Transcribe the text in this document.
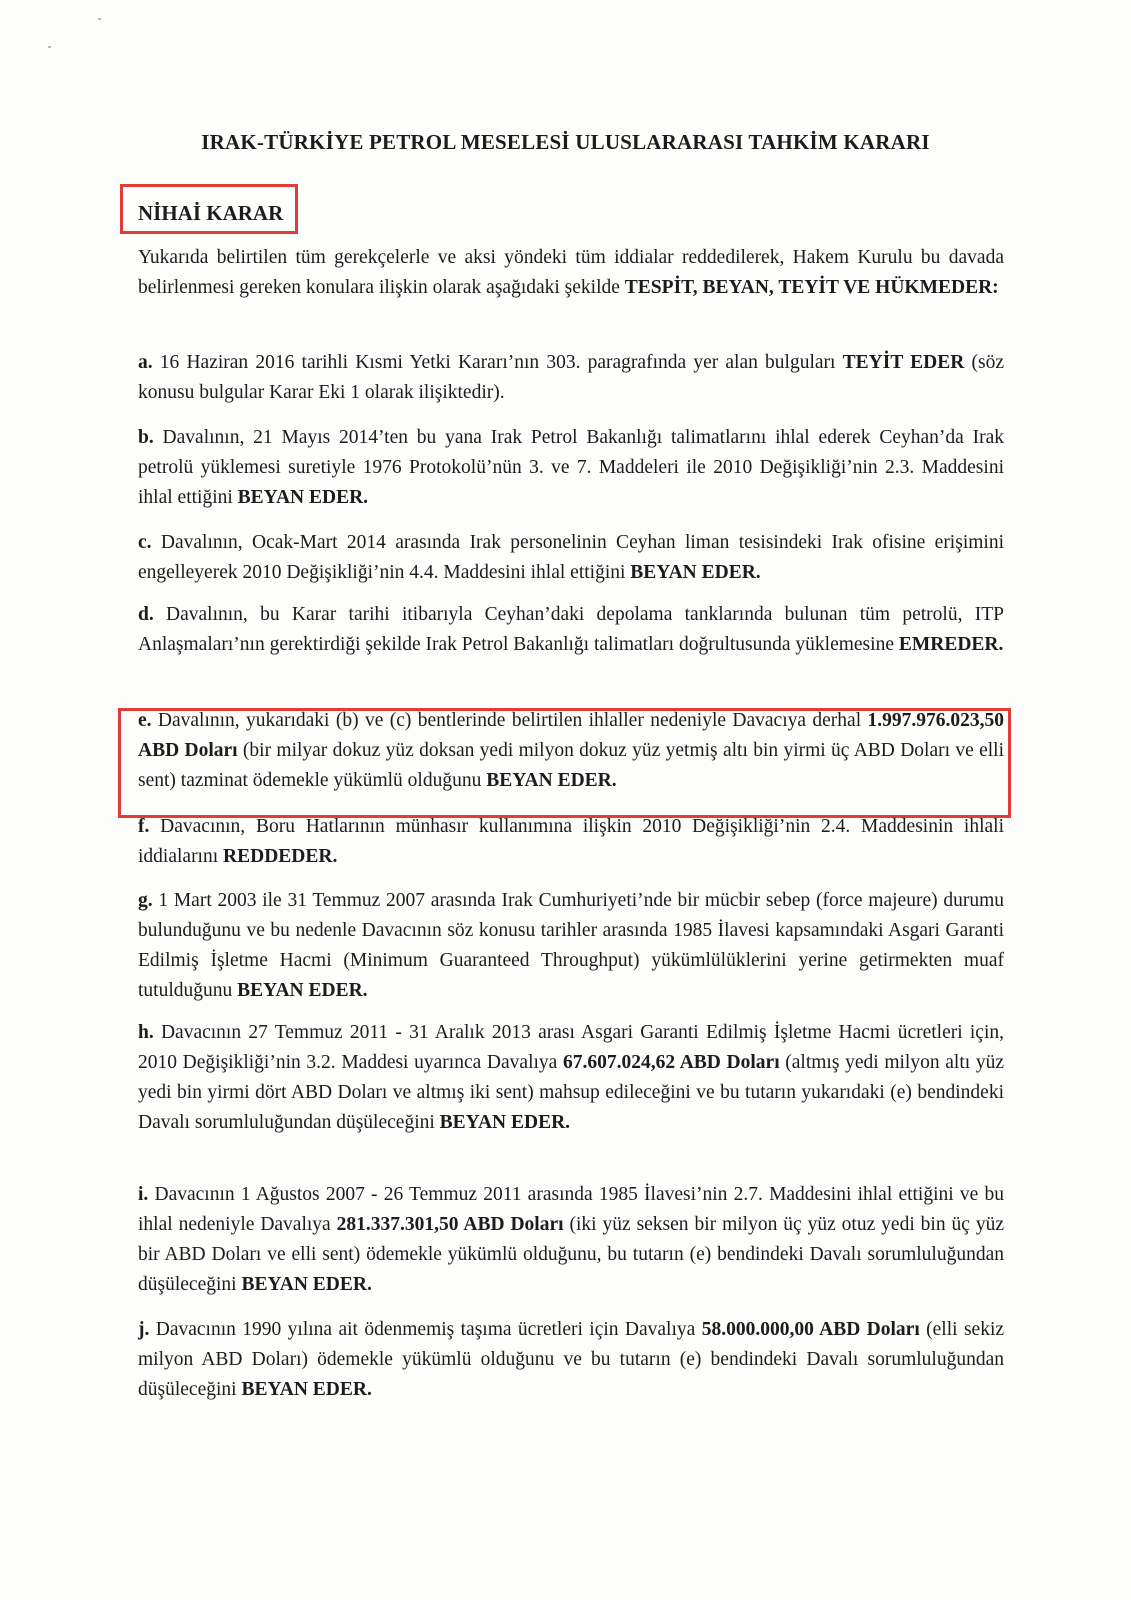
IRAK-TÜRKİYE PETROL MESELESİ ULUSLARARASI TAHKİM KARARI
NİHAİ KARAR
Yukarıda belirtilen tüm gerekçelerle ve aksi yöndeki tüm iddialar reddedilerek, Hakem Kurulu bu davada belirlenmesi gereken konulara ilişkin olarak aşağıdaki şekilde TESPİT, BEYAN, TEYİT VE HÜKMEDER:
a. 16 Haziran 2016 tarihli Kısmi Yetki Kararı’nın 303. paragrafında yer alan bulguları TEYİT EDER (söz konusu bulgular Karar Eki 1 olarak ilişiktedir).
b. Davalının, 21 Mayıs 2014’ten bu yana Irak Petrol Bakanlığı talimatlarını ihlal ederek Ceyhan’da Irak petrolü yüklemesi suretiyle 1976 Protokolü’nün 3. ve 7. Maddeleri ile 2010 Değişikliği’nin 2.3. Maddesini ihlal ettiğini BEYAN EDER.
c. Davalının, Ocak-Mart 2014 arasında Irak personelinin Ceyhan liman tesisindeki Irak ofisine erişimini engelleyerek 2010 Değişikliği’nin 4.4. Maddesini ihlal ettiğini BEYAN EDER.
d. Davalının, bu Karar tarihi itibarıyla Ceyhan’daki depolama tanklarında bulunan tüm petrolü, ITP Anlaşmaları’nın gerektirdiği şekilde Irak Petrol Bakanlığı talimatları doğrultusunda yüklemesine EMREDER.
e. Davalının, yukarıdaki (b) ve (c) bentlerinde belirtilen ihlaller nedeniyle Davacıya derhal 1.997.976.023,50 ABD Doları (bir milyar dokuz yüz doksan yedi milyon dokuz yüz yetmiş altı bin yirmi üç ABD Doları ve elli sent) tazminat ödemekle yükümlü olduğunu BEYAN EDER.
f. Davacının, Boru Hatlarının münhasır kullanımına ilişkin 2010 Değişikliği’nin 2.4. Maddesinin ihlali iddialarını REDDEDER.
g. 1 Mart 2003 ile 31 Temmuz 2007 arasında Irak Cumhuriyeti’nde bir mücbir sebep (force majeure) durumu bulunduğunu ve bu nedenle Davacının söz konusu tarihler arasında 1985 İlavesi kapsamındaki Asgari Garanti Edilmiş İşletme Hacmi (Minimum Guaranteed Throughput) yükümlülüklerini yerine getirmekten muaf tutulduğunu BEYAN EDER.
h. Davacının 27 Temmuz 2011 - 31 Aralık 2013 arası Asgari Garanti Edilmiş İşletme Hacmi ücretleri için, 2010 Değişikliği’nin 3.2. Maddesi uyarınca Davalıya 67.607.024,62 ABD Doları (altmış yedi milyon altı yüz yedi bin yirmi dört ABD Doları ve altmış iki sent) mahsup edileceğini ve bu tutarın yukarıdaki (e) bendindeki Davalı sorumluluğundan düşüleceğini BEYAN EDER.
i. Davacının 1 Ağustos 2007 - 26 Temmuz 2011 arasında 1985 İlavesi’nin 2.7. Maddesini ihlal ettiğini ve bu ihlal nedeniyle Davalıya 281.337.301,50 ABD Doları (iki yüz seksen bir milyon üç yüz otuz yedi bin üç yüz bir ABD Doları ve elli sent) ödemekle yükümlü olduğunu, bu tutarın (e) bendindeki Davalı sorumluluğundan düşüleceğini BEYAN EDER.
j. Davacının 1990 yılına ait ödenmemiş taşıma ücretleri için Davalıya 58.000.000,00 ABD Doları (elli sekiz milyon ABD Doları) ödemekle yükümlü olduğunu ve bu tutarın (e) bendindeki Davalı sorumluluğundan düşüleceğini BEYAN EDER.
